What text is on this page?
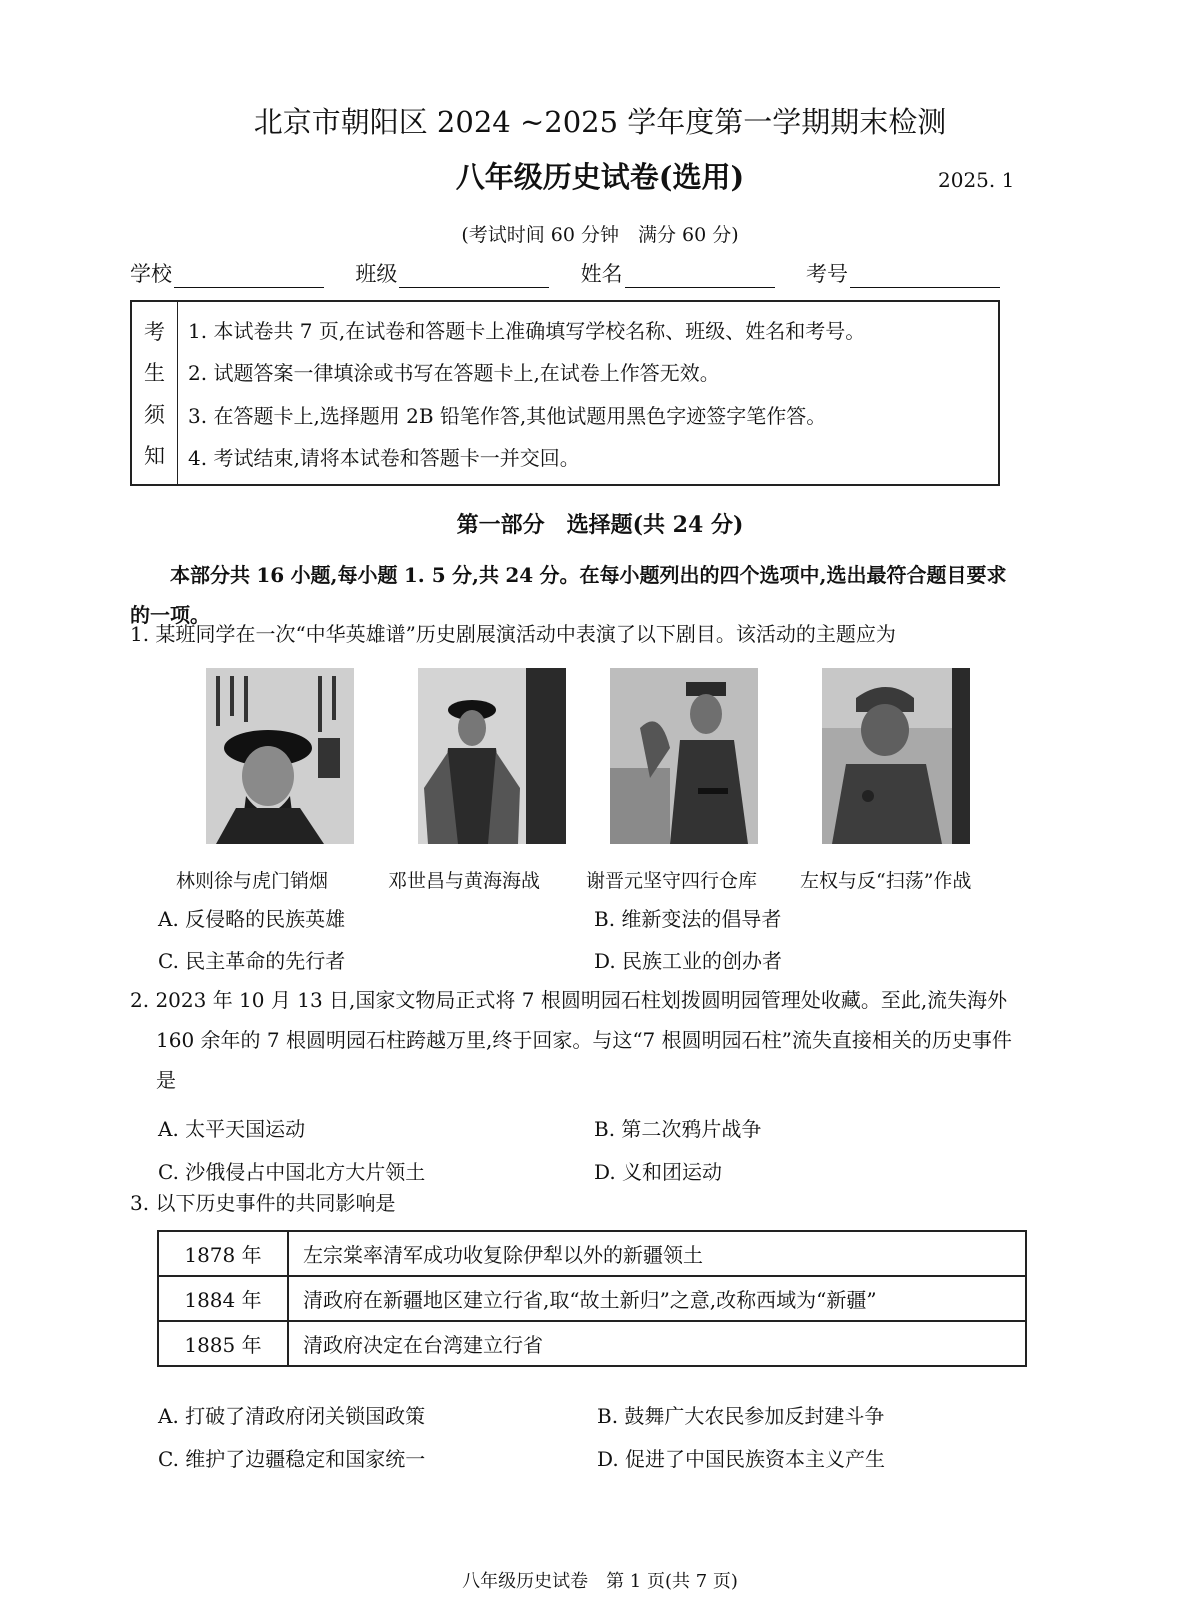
北京市朝阳区 2024 ~2025 学年度第一学期期末检测
八年级历史试卷(选用)	2025. 1
(考试时间 60 分钟　满分 60 分)
学校	班级	姓名	考号
考
生
须
知
1. 本试卷共 7 页,在试卷和答题卡上准确填写学校名称、班级、姓名和考号。
2. 试题答案一律填涂或书写在答题卡上,在试卷上作答无效。
3. 在答题卡上,选择题用 2B 铅笔作答,其他试题用黑色字迹签字笔作答。
4. 考试结束,请将本试卷和答题卡一并交回。
第一部分　选择题(共 24 分)
本部分共 16 小题,每小题 1. 5 分,共 24 分。在每小题列出的四个选项中,选出最符合题目要求的一项。
1. 某班同学在一次“中华英雄谱”历史剧展演活动中表演了以下剧目。该活动的主题应为
林则徐与虎门销烟	邓世昌与黄海海战 谢晋元坚守四行仓库 左权与反“扫荡”作战
A. 反侵略的民族英雄	B. 维新变法的倡导者
C. 民主革命的先行者	D. 民族工业的创办者
2. 2023 年 10 月 13 日,国家文物局正式将 7 根圆明园石柱划拨圆明园管理处收藏。至此,流失海外 160 余年的 7 根圆明园石柱跨越万里,终于回家。与这“7 根圆明园石柱”流失直接相关的历史事件是
A. 太平天国运动	B. 第二次鸦片战争
C. 沙俄侵占中国北方大片领土	D. 义和团运动
3. 以下历史事件的共同影响是
1878 年	左宗棠率清军成功收复除伊犁以外的新疆领土
1884 年	清政府在新疆地区建立行省,取“故土新归”之意,改称西域为“新疆”
1885 年	清政府决定在台湾建立行省
A. 打破了清政府闭关锁国政策	B. 鼓舞广大农民参加反封建斗争
C. 维护了边疆稳定和国家统一	D. 促进了中国民族资本主义产生
八年级历史试卷　第 1 页(共 7 页)
